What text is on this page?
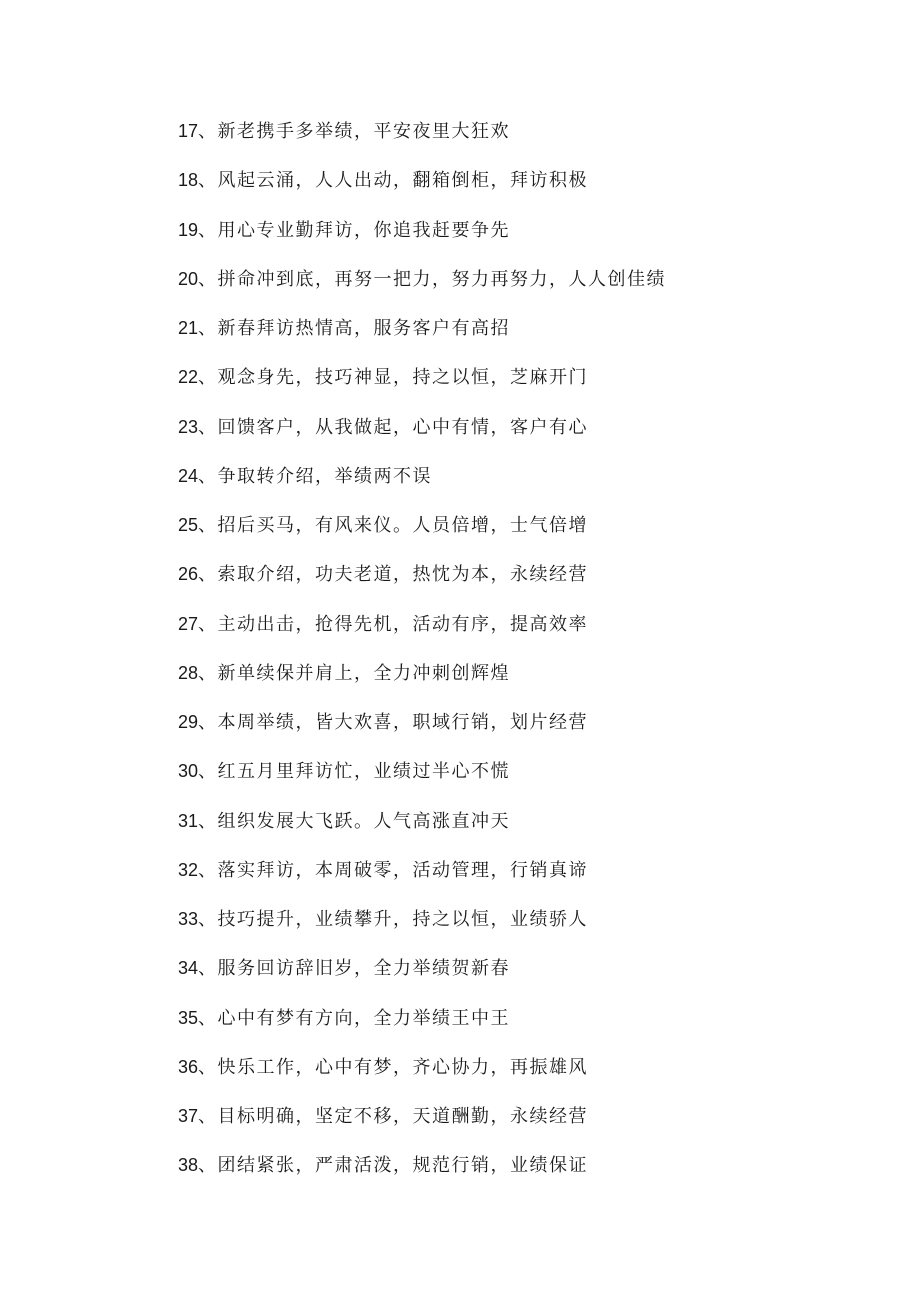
17、新老携手多举绩，平安夜里大狂欢
18、风起云涌，人人出动，翻箱倒柜，拜访积极
19、用心专业勤拜访，你追我赶要争先
20、拼命冲到底，再努一把力，努力再努力，人人创佳绩
21、新春拜访热情高，服务客户有高招
22、观念身先，技巧神显，持之以恒，芝麻开门
23、回馈客户，从我做起，心中有情，客户有心
24、争取转介绍，举绩两不误
25、招后买马，有风来仪。人员倍增，士气倍增
26、索取介绍，功夫老道，热忱为本，永续经营
27、主动出击，抢得先机，活动有序，提高效率
28、新单续保并肩上，全力冲刺创辉煌
29、本周举绩，皆大欢喜，职域行销，划片经营
30、红五月里拜访忙，业绩过半心不慌
31、组织发展大飞跃。人气高涨直冲天
32、落实拜访，本周破零，活动管理，行销真谛
33、技巧提升，业绩攀升，持之以恒，业绩骄人
34、服务回访辞旧岁，全力举绩贺新春
35、心中有梦有方向，全力举绩王中王
36、快乐工作，心中有梦，齐心协力，再振雄风
37、目标明确，坚定不移，天道酬勤，永续经营
38、团结紧张，严肃活泼，规范行销，业绩保证
